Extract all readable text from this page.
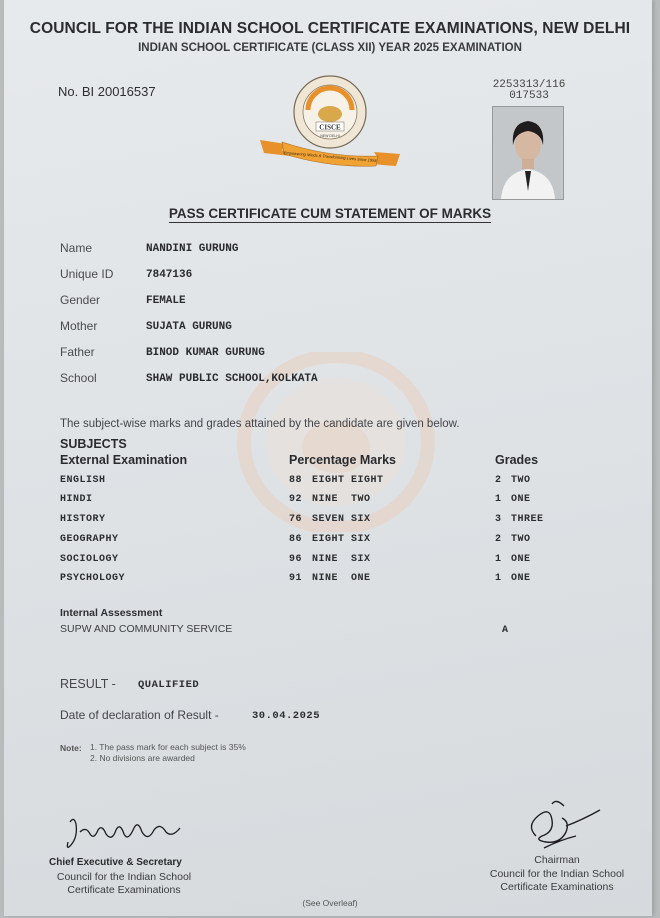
COUNCIL FOR THE INDIAN SCHOOL CERTIFICATE EXAMINATIONS, NEW DELHI
INDIAN SCHOOL CERTIFICATE (CLASS XII) YEAR 2025 EXAMINATION
No. BI 20016537	2253313/116
017533
CISCE
NEW DELHI
Empowering Minds & Transforming Lives since 1958
PASS CERTIFICATE CUM STATEMENT OF MARKS
Name	NANDINI GURUNG
Unique ID	7847136
Gender	FEMALE
Mother	SUJATA GURUNG
Father	BINOD KUMAR GURUNG
School	SHAW PUBLIC SCHOOL,KOLKATA
The subject-wise marks and grades attained by the candidate are given below.
SUBJECTS
External Examination	Percentage Marks	Grades
ENGLISH	88 EIGHT EIGHT	2 TWO
HINDI	92 NINE  TWO	1 ONE
HISTORY	76 SEVEN SIX	3 THREE
GEOGRAPHY	86 EIGHT SIX	2 TWO
SOCIOLOGY	96 NINE  SIX	1 ONE
PSYCHOLOGY	91 NINE  ONE	1 ONE
Internal Assessment
SUPW AND COMMUNITY SERVICE	A
RESULT - QUALIFIED
Date of declaration of Result -	30.04.2025
Note: 1. The pass mark for each subject is 35%
2. No divisions are awarded
Chief Executive & Secretary
Council for the Indian School
Certificate Examinations
Chairman
Council for the Indian School
Certificate Examinations
(See Overleaf)
